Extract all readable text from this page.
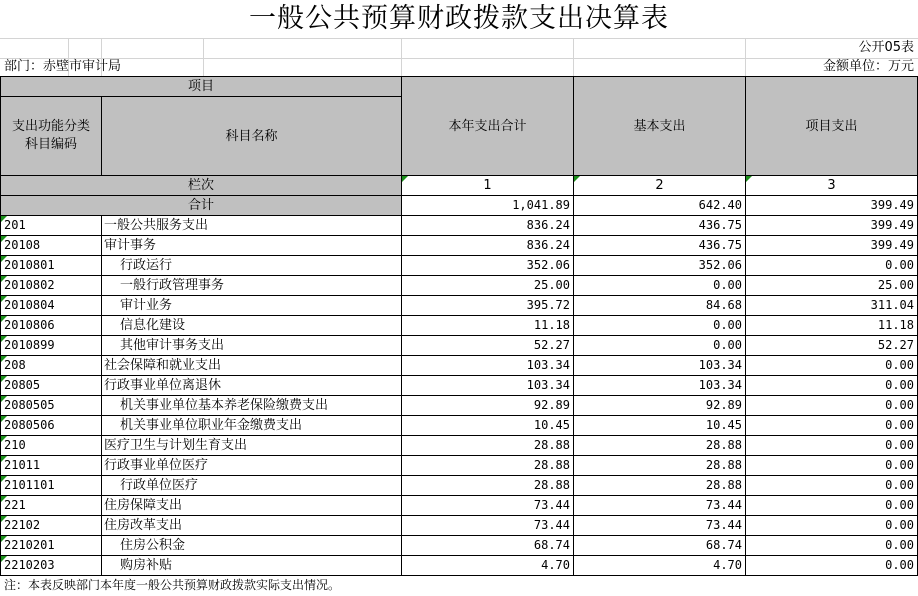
一般公共预算财政拨款支出决算表
公开05表
部门：赤壁市审计局	金额单位：万元
项目		本年支出合计	基本支出	项目支出
支出功能分类科目编码	科目名称			

栏次		1	2	3
合计		1,041.89	642.40	399.49

201	一般公共服务支出	836.24	436.75	399.49

20108	审计事务	836.24	436.75	399.49

2010801	行政运行	352.06	352.06	0.00

2010802	一般行政管理事务	25.00	0.00	25.00

2010804	审计业务	395.72	84.68	311.04

2010806	信息化建设	11.18	0.00	11.18

2010899	其他审计事务支出	52.27	0.00	52.27

208	社会保障和就业支出	103.34	103.34	0.00

20805	行政事业单位离退休	103.34	103.34	0.00

2080505	机关事业单位基本养老保险缴费支出	92.89	92.89	0.00

2080506	机关事业单位职业年金缴费支出	10.45	10.45	0.00

210	医疗卫生与计划生育支出	28.88	28.88	0.00

21011	行政事业单位医疗	28.88	28.88	0.00

2101101	行政单位医疗	28.88	28.88	0.00

221	住房保障支出	73.44	73.44	0.00

22102	住房改革支出	73.44	73.44	0.00

2210201	住房公积金	68.74	68.74	0.00

2210203	购房补贴	4.70	4.70	0.00
注：本表反映部门本年度一般公共预算财政拨款实际支出情况。
